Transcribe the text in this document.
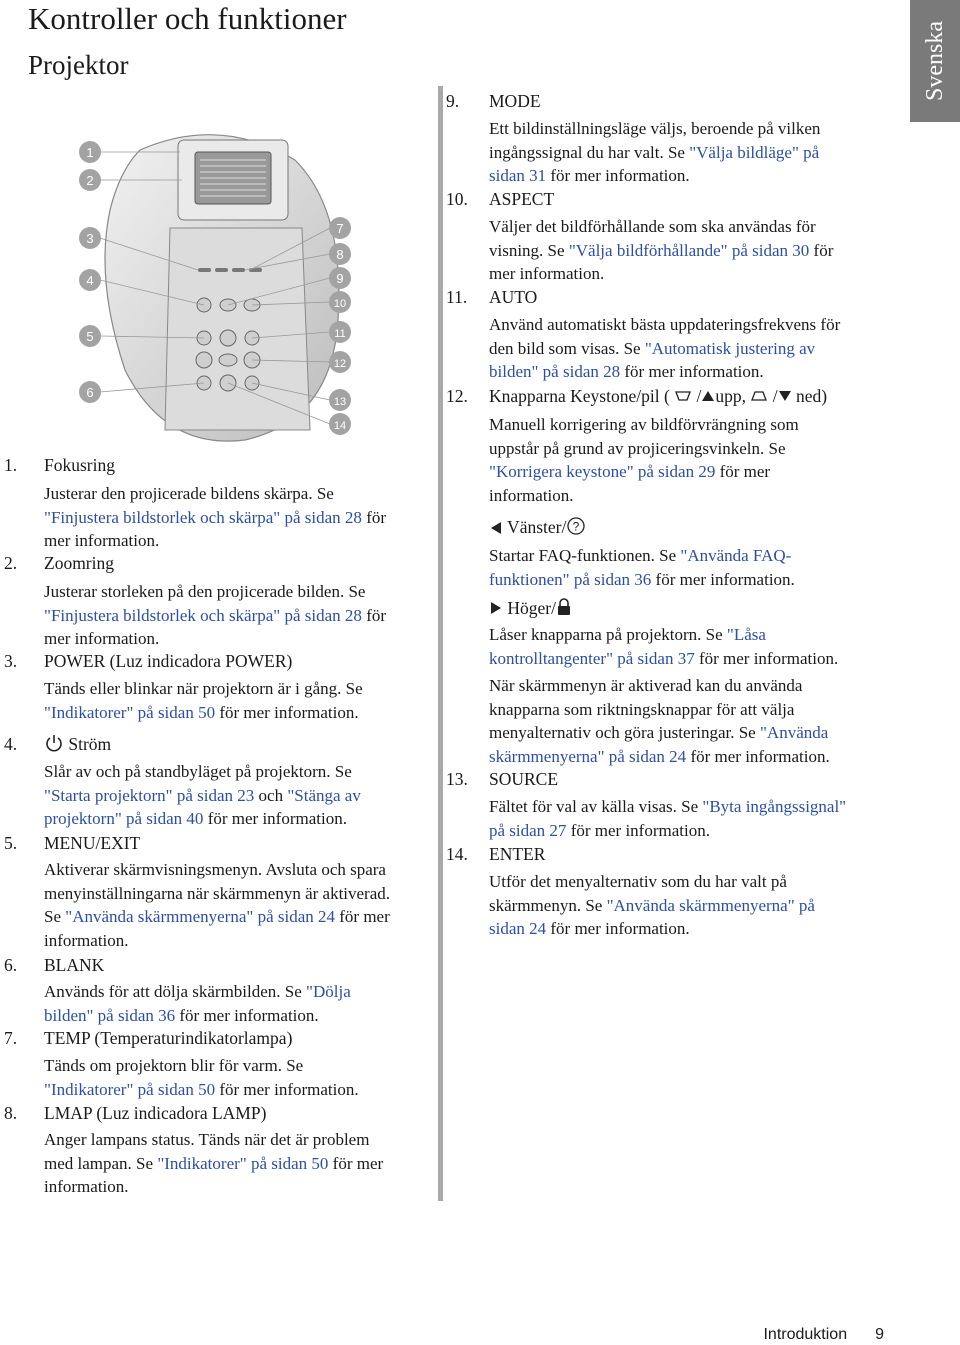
Kontroller och funktioner
Projektor	Svenska
1
2
3
4
5
6
7
8
9
10
11
12
13
14
Introduktion 9
1. Fokusring
Justerar den projicerade bildens skärpa. Se
"Finjustera bildstorlek och skärpa" på sidan 28 för
mer information.
2. Zoomring
Justerar storleken på den projicerade bilden. Se
"Finjustera bildstorlek och skärpa" på sidan 28 för
mer information.
3. POWER (Luz indicadora POWER)
Tänds eller blinkar när projektorn är i gång. Se
"Indikatorer" på sidan 50 för mer information.
4.	Ström
Slår av och på standbyläget på projektorn. Se
"Starta projektorn" på sidan 23 och "Stänga av
projektorn" på sidan 40 för mer information.
5. MENU/EXIT
Aktiverar skärmvisningsmenyn. Avsluta och spara
menyinställningarna när skärmmenyn är aktiverad.
Se "Använda skärmmenyerna" på sidan 24 för mer
information.
6. BLANK
Används för att dölja skärmbilden. Se "Dölja
bilden" på sidan 36 för mer information.
7. TEMP (Temperaturindikatorlampa)
Tänds om projektorn blir för varm. Se
"Indikatorer" på sidan 50 för mer information.
8. LMAP (Luz indicadora LAMP)
Anger lampans status. Tänds när det är problem
med lampan. Se "Indikatorer" på sidan 50 för mer
information.
9. MODE
Ett bildinställningsläge väljs, beroende på vilken
ingångssignal du har valt. Se "Välja bildläge" på
sidan 31 för mer information.
10. ASPECT
Väljer det bildförhållande som ska användas för
visning. Se "Välja bildförhållande" på sidan 30 för
mer information.
11. AUTO
Använd automatiskt bästa uppdateringsfrekvens för
den bild som visas. Se "Automatisk justering av
bilden" på sidan 28 för mer information.
12. Knapparna Keystone/pil (  / upp,  / ned)
Manuell korrigering av bildförvrängning som
uppstår på grund av projiceringsvinkeln. Se
"Korrigera keystone" på sidan 29 för mer
information.
13. SOURCE
Fältet för val av källa visas. Se "Byta ingångssignal"
på sidan 27 för mer information.
14. ENTER
Utför det menyalternativ som du har valt på
skärmmenyn. Se "Använda skärmmenyerna" på
sidan 24 för mer information.
Vänster/ ?
Startar FAQ-funktionen. Se "Använda FAQ-
funktionen" på sidan 36 för mer information.
Höger/
Låser knapparna på projektorn. Se "Låsa
kontrolltangenter" på sidan 37 för mer information.
När skärmmenyn är aktiverad kan du använda
knapparna som riktningsknappar för att välja
menyalternativ och göra justeringar. Se "Använda
skärmmenyerna" på sidan 24 för mer information.
